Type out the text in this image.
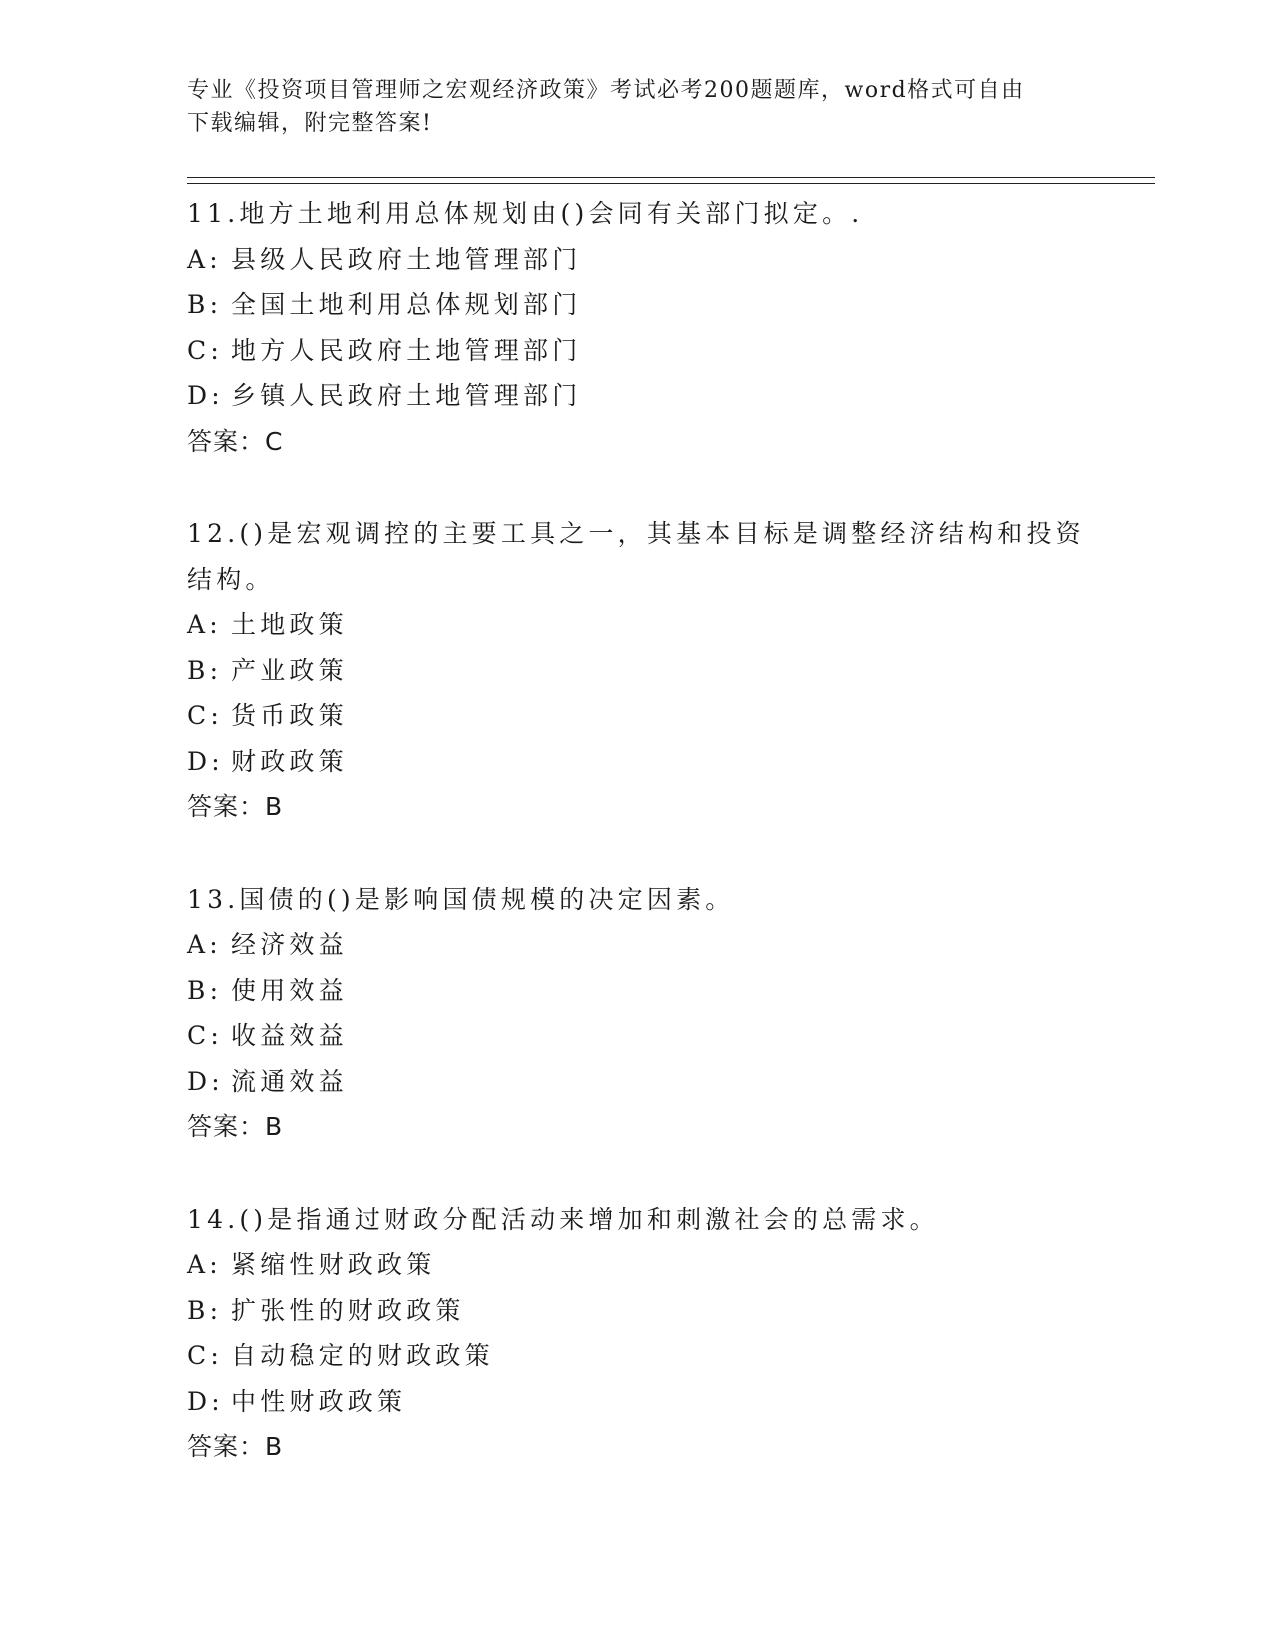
专业《投资项目管理师之宏观经济政策》考试必考200题题库，word格式可自由
下载编辑，附完整答案!
11.地方土地利用总体规划由()会同有关部门拟定。.
A: 县级人民政府土地管理部门
B: 全国土地利用总体规划部门
C: 地方人民政府土地管理部门
D: 乡镇人民政府土地管理部门
答案：C
12.()是宏观调控的主要工具之一，其基本目标是调整经济结构和投资结构。
A: 土地政策
B: 产业政策
C: 货币政策
D: 财政政策
答案：B
13.国债的()是影响国债规模的决定因素。
A: 经济效益
B: 使用效益
C: 收益效益
D: 流通效益
答案：B
14.()是指通过财政分配活动来增加和刺激社会的总需求。
A: 紧缩性财政政策
B: 扩张性的财政政策
C: 自动稳定的财政政策
D: 中性财政政策
答案：B
